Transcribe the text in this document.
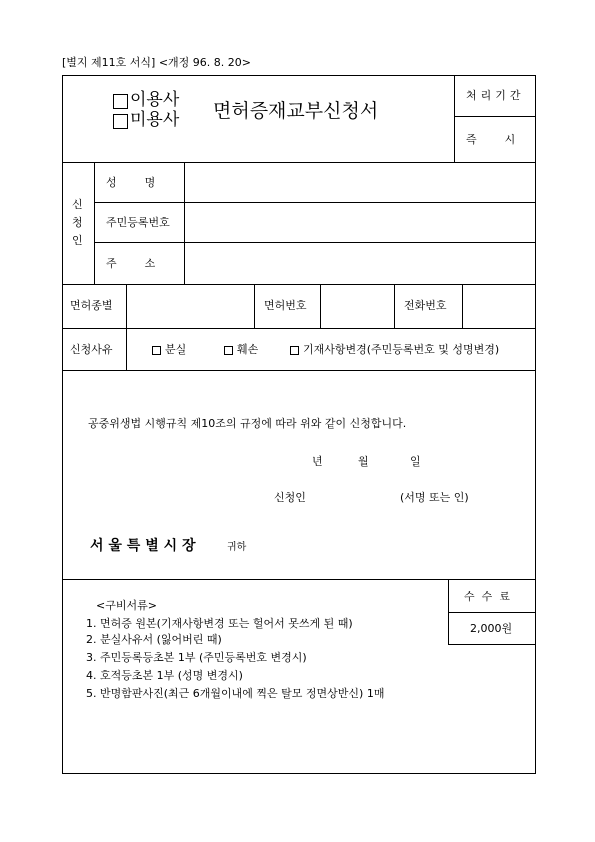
[별지 제11호 서식] <개정 96. 8. 20>
이용사
미용사 면허증재교부신청서
처리기간
즉        시
신청인
성        명
주민등록번호
주        소
면허종별	면허번호	전화번호
신청사유	분실	훼손	기재사항변경(주민등록번호 및 성명변경)
공중위생법 시행규칙 제10조의 규정에 따라 위와 같이 신청합니다.
년	월	일
신청인	(서명 또는 인)
서 울 특 별 시 장	귀하
<구비서류>
1. 면허증 원본(기재사항변경 또는 헐어서 못쓰게 된 때)
2. 분실사유서 (잃어버린 때)
3. 주민등록등초본 1부 (주민등록번호 변경시)
4. 호적등초본 1부 (성명 변경시)
5. 반명함판사진(최근 6개월이내에 찍은 탈모 정면상반신) 1매
수  수  료
2,000원
